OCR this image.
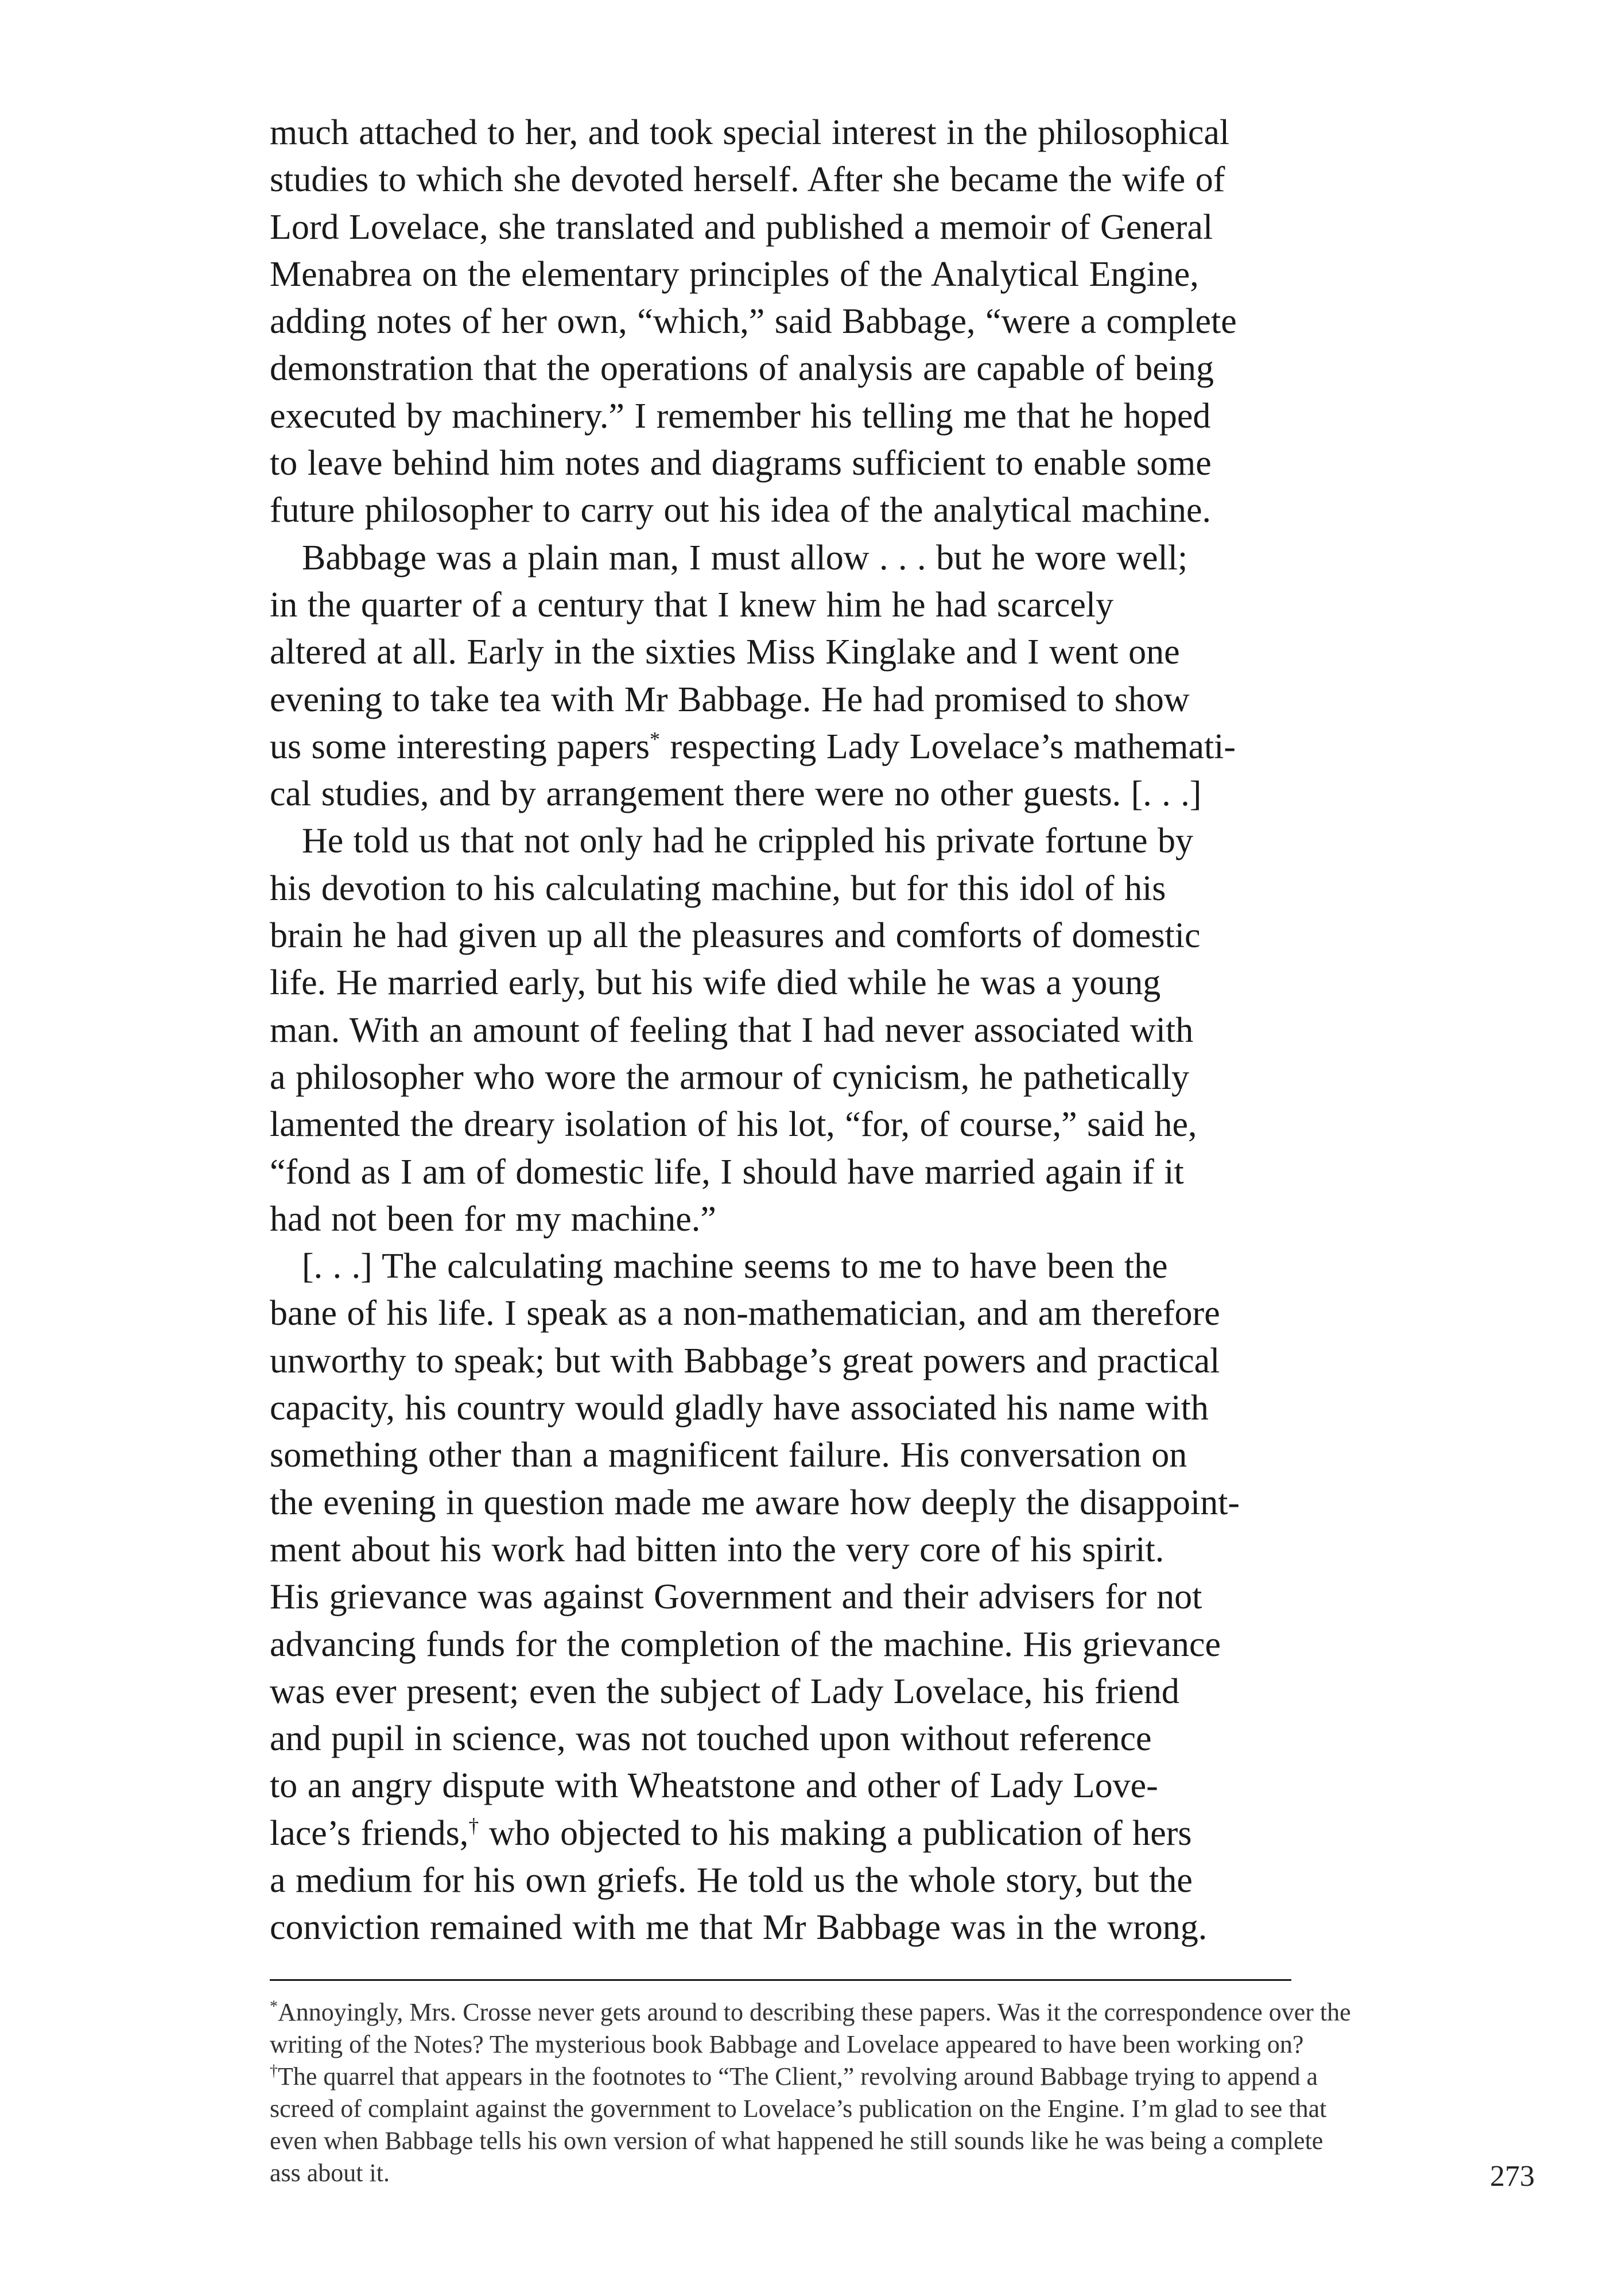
much attached to her, and took special interest in the philosophical
studies to which she devoted herself. After she became the wife of
Lord Lovelace, she translated and published a memoir of General
Menabrea on the elementary principles of the Analytical Engine,
adding notes of her own, “which,” said Babbage, “were a complete
demonstration that the operations of analysis are capable of being
executed by machinery.” I remember his telling me that he hoped
to leave behind him notes and diagrams sufficient to enable some
future philosopher to carry out his idea of the analytical machine.
Babbage was a plain man, I must allow . . . but he wore well;
in the quarter of a century that I knew him he had scarcely
altered at all. Early in the sixties Miss Kinglake and I went one
evening to take tea with Mr Babbage. He had promised to show
us some interesting papers* respecting Lady Lovelace’s mathemati-
cal studies, and by arrangement there were no other guests. [. . .]
He told us that not only had he crippled his private fortune by
his devotion to his calculating machine, but for this idol of his
brain he had given up all the pleasures and comforts of domestic
life. He married early, but his wife died while he was a young
man. With an amount of feeling that I had never associated with
a philosopher who wore the armour of cynicism, he pathetically
lamented the dreary isolation of his lot, “for, of course,” said he,
“fond as I am of domestic life, I should have married again if it
had not been for my machine.”
[. . .] The calculating machine seems to me to have been the
bane of his life. I speak as a non-mathematician, and am therefore
unworthy to speak; but with Babbage’s great powers and practical
capacity, his country would gladly have associated his name with
something other than a magnificent failure. His conversation on
the evening in question made me aware how deeply the disappoint-
ment about his work had bitten into the very core of his spirit.
His grievance was against Government and their advisers for not
advancing funds for the completion of the machine. His grievance
was ever present; even the subject of Lady Lovelace, his friend
and pupil in science, was not touched upon without reference
to an angry dispute with Wheatstone and other of Lady Love-
lace’s friends,† who objected to his making a publication of hers
a medium for his own griefs. He told us the whole story, but the
conviction remained with me that Mr Babbage was in the wrong.
*Annoyingly, Mrs. Crosse never gets around to describing these papers. Was it the correspondence over the
writing of the Notes? The mysterious book Babbage and Lovelace appeared to have been working on?
†The quarrel that appears in the footnotes to “The Client,” revolving around Babbage trying to append a
screed of complaint against the government to Lovelace’s publication on the Engine. I’m glad to see that
even when Babbage tells his own version of what happened he still sounds like he was being a complete
ass about it.	273
